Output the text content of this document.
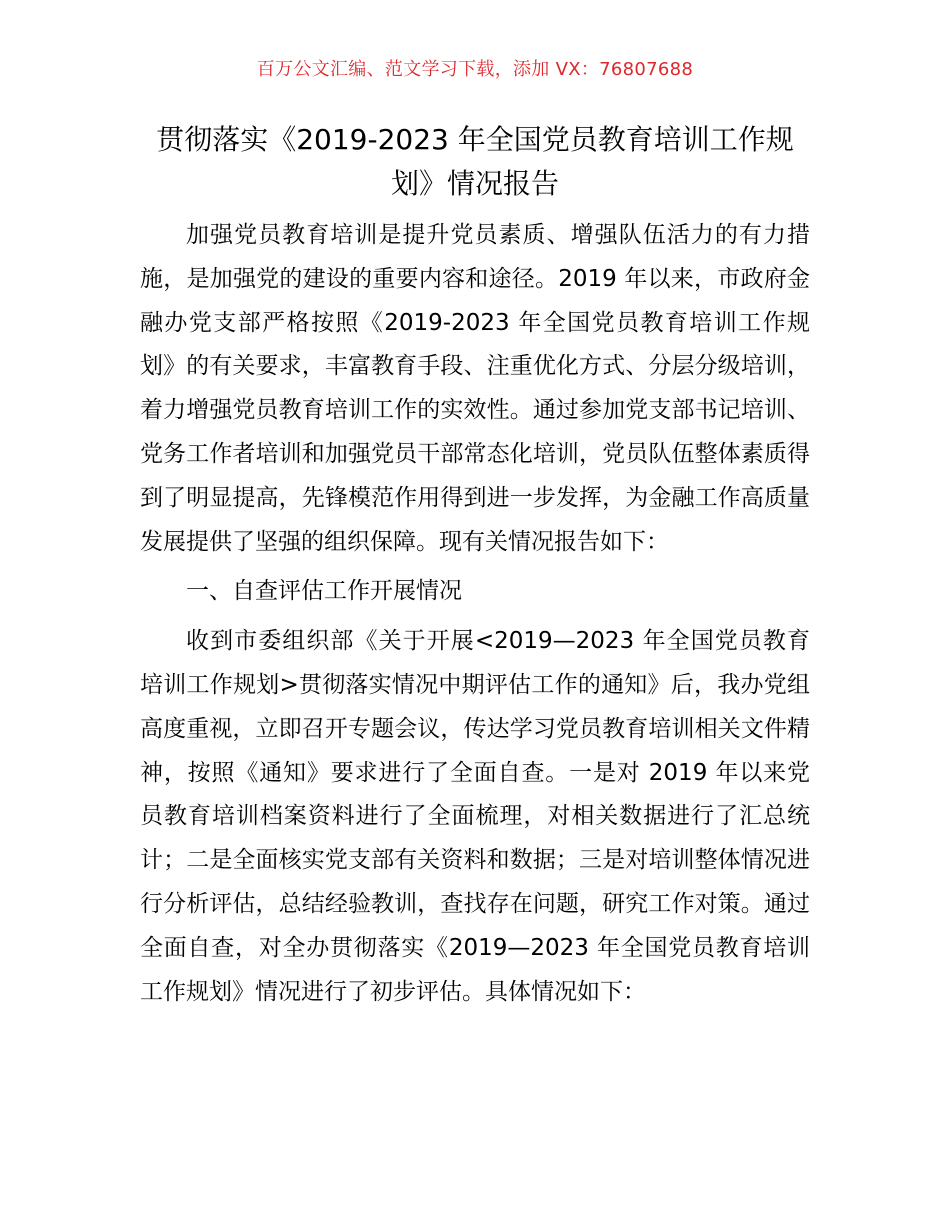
百万公文汇编、范文学习下载，添加 VX：76807688
贯彻落实《2019-2023 年全国党员教育培训工作规划》情况报告

加强党员教育培训是提升党员素质、增强队伍活力的有力措施，是加强党的建设的重要内容和途径。2019 年以来，市政府金融办党支部严格按照《2019-2023 年全国党员教育培训工作规划》的有关要求，丰富教育手段、注重优化方式、分层分级培训，着力增强党员教育培训工作的实效性。通过参加党支部书记培训、党务工作者培训和加强党员干部常态化培训，党员队伍整体素质得到了明显提高，先锋模范作用得到进一步发挥，为金融工作高质量发展提供了坚强的组织保障。现有关情况报告如下：

一、自查评估工作开展情况

收到市委组织部《关于开展<2019—2023 年全国党员教育培训工作规划>贯彻落实情况中期评估工作的通知》后，我办党组高度重视，立即召开专题会议，传达学习党员教育培训相关文件精神，按照《通知》要求进行了全面自查。一是对 2019 年以来党员教育培训档案资料进行了全面梳理，对相关数据进行了汇总统计；二是全面核实党支部有关资料和数据；三是对培训整体情况进行分析评估，总结经验教训，查找存在问题，研究工作对策。通过全面自查，对全办贯彻落实《2019—2023 年全国党员教育培训工作规划》情况进行了初步评估。具体情况如下：
